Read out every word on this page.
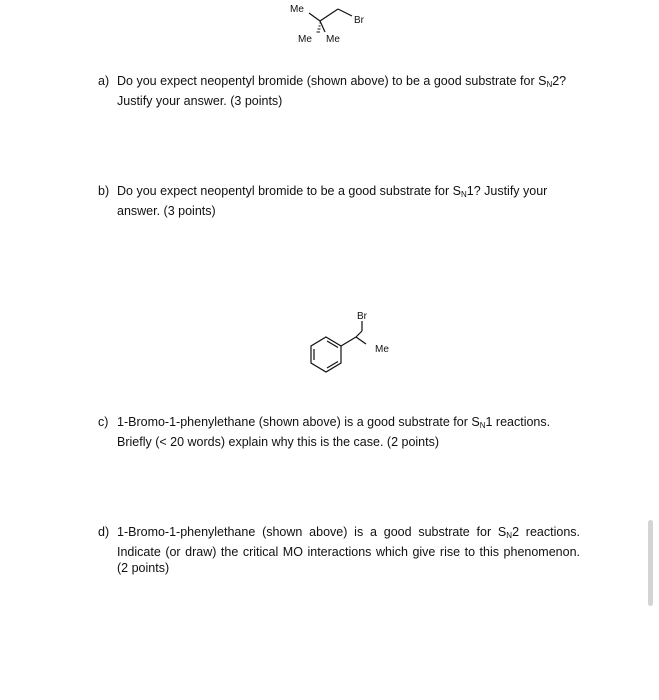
Me
Br
Me Me
a) Do you expect neopentyl bromide (shown above) to be a good substrate for $S_N2$? Justify your answer. (3 points)
b) Do you expect neopentyl bromide to be a good substrate for $S_N1$? Justify your answer. (3 points)
Br
Me
c) 1-Bromo-1-phenylethane (shown above) is a good substrate for $S_N1$ reactions. Briefly (< 20 words) explain why this is the case. (2 points)
d) 1-Bromo-1-phenylethane (shown above) is a good substrate for $S_N2$ reactions. Indicate (or draw) the critical MO interactions which give rise to this phenomenon. (2 points)
